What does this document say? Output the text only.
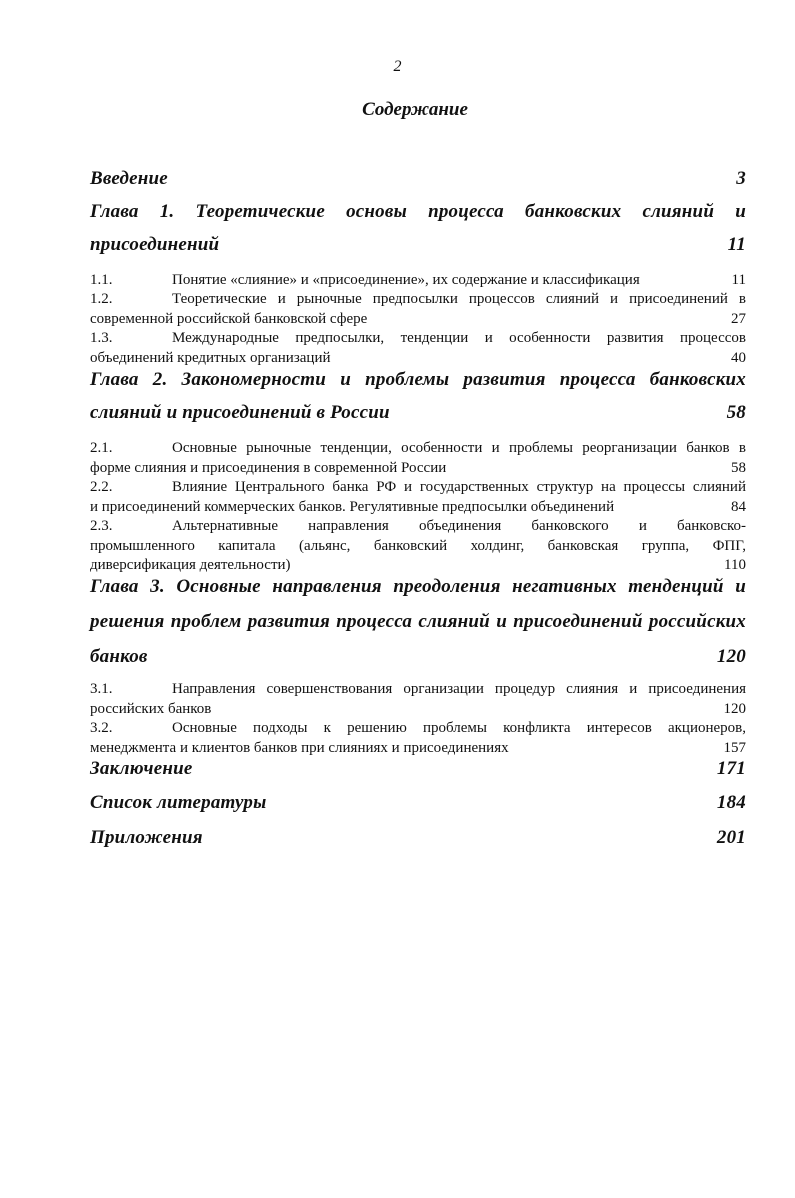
2
Содержание
Введение	3
Глава 1. Теоретические основы процесса банковских слияний и
присоединений	11
1.1.	Понятие «слияние» и «присоединение», их содержание и классификация	11
1.2.	Теоретические и рыночные предпосылки процессов слияний и присоединений в
современной российской банковской сфере	27
1.3.	Международные предпосылки, тенденции и особенности развития процессов
объединений кредитных организаций	40
Глава 2. Закономерности и проблемы развития процесса банковских
слияний и присоединений в России	58
2.1.	Основные рыночные тенденции, особенности и проблемы реорганизации банков в
форме слияния и присоединения в современной России	58
2.2.	Влияние Центрального банка РФ и государственных структур на процессы слияний
и присоединений коммерческих банков. Регулятивные предпосылки объединений	84
2.3.	Альтернативные направления объединения банковского и банковско-
промышленного капитала (альянс, банковский холдинг, банковская группа, ФПГ,
диверсификация деятельности)	110
Глава 3. Основные направления преодоления негативных тенденций и
решения проблем развития процесса слияний и присоединений российских
банков	120
3.1.	Направления совершенствования организации процедур слияния и присоединения
российских банков	120
3.2.	Основные подходы к решению проблемы конфликта интересов акционеров,
менеджмента и клиентов банков при слияниях и присоединениях	157
Заключение	171
Список литературы	184
Приложения	201
